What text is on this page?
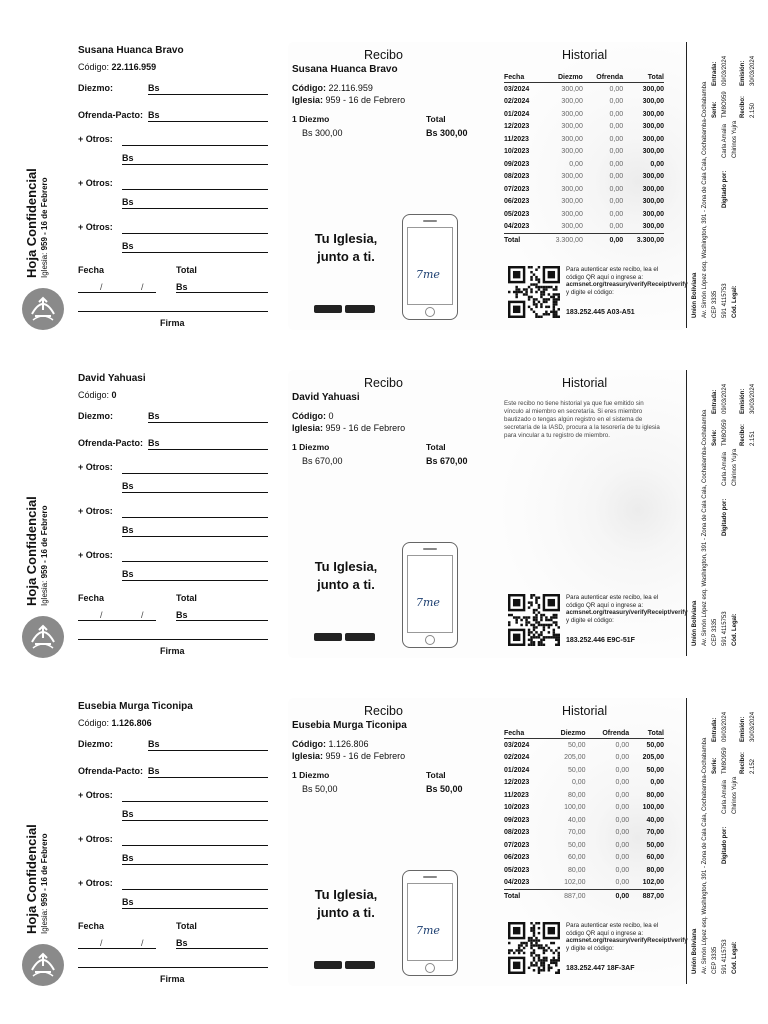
Hoja Confidencial Iglesia: 959 - 16 de Febrero
Susana Huanca Bravo
Código: 22.116.959
Diezmo:	Bs
Ofrenda-Pacto: Bs
+ Otros:
Bs
+ Otros:
Bs
+ Otros:
Bs
Fecha	Total
/ / Bs
Firma
Recibo	Historial
Susana Huanca Bravo
Código: 22.116.959
Iglesia: 959 - 16 de Febrero
1 Diezmo	Total
Bs 300,00	Bs 300,00
Tu Iglesia, junto a ti.
7me
Fecha	Diezmo	Ofrenda	Total
03/2024	300,00	0,00	300,00
02/2024	300,00	0,00	300,00
01/2024	300,00	0,00	300,00
12/2023	300,00	0,00	300,00
11/2023	300,00	0,00	300,00
10/2023	300,00	0,00	300,00
09/2023	0,00	0,00	0,00
08/2023	300,00	0,00	300,00
07/2023	300,00	0,00	300,00
06/2023	300,00	0,00	300,00
05/2023	300,00	0,00	300,00
04/2023	300,00	0,00	300,00
Total	3.300,00	0,00	3.300,00
Para autenticar este recibo, lea el código QR aquí o ingrese a: acmsnet.org/treasury/verifyReceipt/verify y digite el código:
183.252.445 A03-A51	Unión Boliviana Av. Simón López esq. Washington, 391 - Zona de Cala Cala, Cochabamba-Cochabamba CEP 3335 591 4115753 Cód. Legal:
Digitado por:
Carla Amalia Chirinos Yujra
Serie: TM8O959
Entrada: 09/03/2024
Recibo: 2.150
Emisión: 30/03/2024
Hoja Confidencial Iglesia: 959 - 16 de Febrero
David Yahuasi
Código: 0
Diezmo:	Bs
Ofrenda-Pacto: Bs
+ Otros:
Bs
+ Otros:
Bs
+ Otros:
Bs
Fecha	Total
/ / Bs
Firma
Recibo	Historial
David Yahuasi
Código: 0
Iglesia: 959 - 16 de Febrero
1 Diezmo	Total
Bs 670,00	Bs 670,00
Tu Iglesia, junto a ti.
7me
Este recibo no tiene historial ya que fue emitido sin vínculo al miembro en secretaría. Si eres miembro bautizado o tengas algún registro en el sistema de secretaría de la IASD, procura a la tesorería de tu iglesia para vincular a tu registro de miembro.
Para autenticar este recibo, lea el código QR aquí o ingrese a: acmsnet.org/treasury/verifyReceipt/verify y digite el código:
183.252.446 E9C-51F	Unión Boliviana Av. Simón López esq. Washington, 391 - Zona de Cala Cala, Cochabamba-Cochabamba CEP 3335 591 4115753 Cód. Legal:
Digitado por:
Carla Amalia Chirinos Yujra
Serie: TM8O959
Entrada: 09/03/2024
Recibo: 2.151
Emisión: 30/03/2024
Hoja Confidencial Iglesia: 959 - 16 de Febrero
Eusebia Murga Ticonipa
Código: 1.126.806
Diezmo:	Bs
Ofrenda-Pacto: Bs
+ Otros:
Bs
+ Otros:
Bs
+ Otros:
Bs
Fecha	Total
/ / Bs
Firma
Recibo	Historial
Eusebia Murga Ticonipa
Código: 1.126.806
Iglesia: 959 - 16 de Febrero
1 Diezmo	Total
Bs 50,00	Bs 50,00
Tu Iglesia, junto a ti.
7me
Fecha	Diezmo	Ofrenda	Total
03/2024	50,00	0,00	50,00
02/2024	205,00	0,00	205,00
01/2024	50,00	0,00	50,00
12/2023	0,00	0,00	0,00
11/2023	80,00	0,00	80,00
10/2023	100,00	0,00	100,00
09/2023	40,00	0,00	40,00
08/2023	70,00	0,00	70,00
07/2023	50,00	0,00	50,00
06/2023	60,00	0,00	60,00
05/2023	80,00	0,00	80,00
04/2023	102,00	0,00	102,00
Total	887,00	0,00	887,00
Para autenticar este recibo, lea el código QR aquí o ingrese a: acmsnet.org/treasury/verifyReceipt/verify y digite el código:
183.252.447 18F-3AF	Unión Boliviana Av. Simón López esq. Washington, 391 - Zona de Cala Cala, Cochabamba-Cochabamba CEP 3335 591 4115753 Cód. Legal:
Digitado por:
Carla Amalia Chirinos Yujra
Serie: TM8O959
Entrada: 09/03/2024
Recibo: 2.152
Emisión: 30/03/2024
